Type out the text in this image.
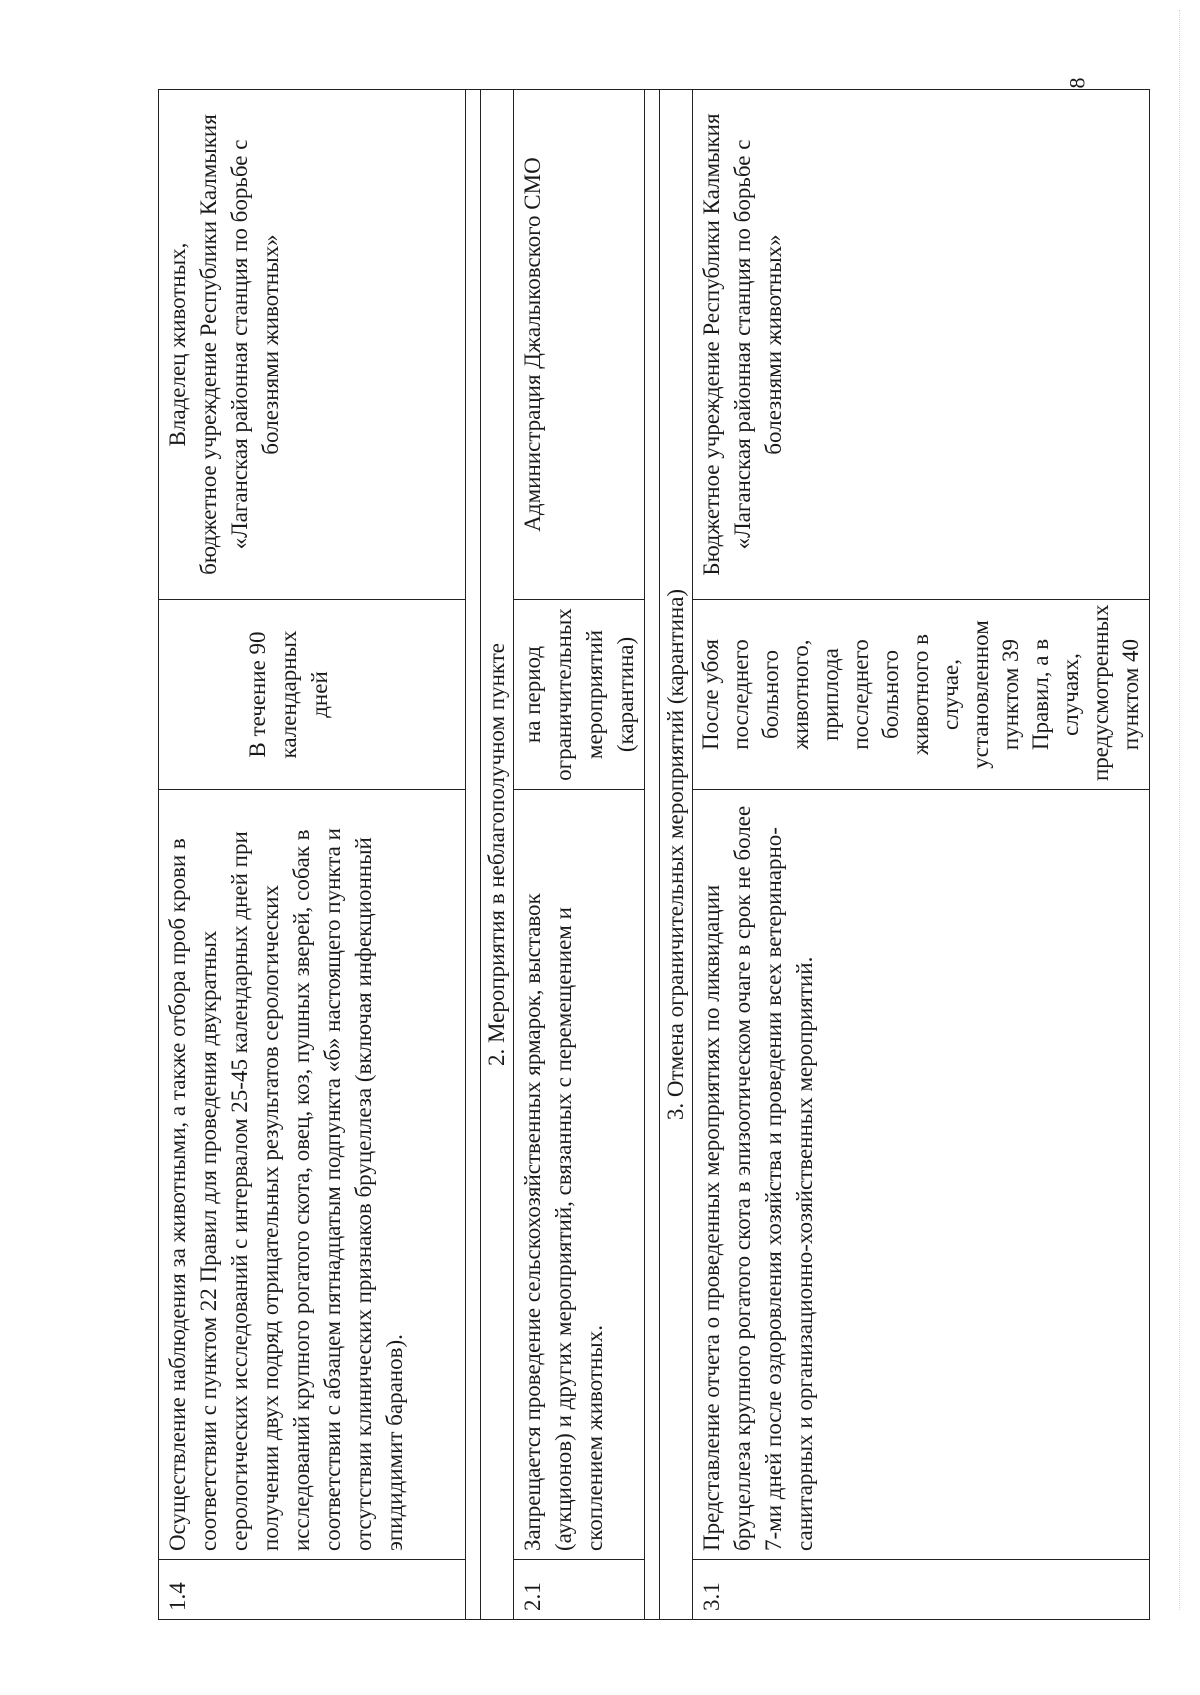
8
1.4	Осуществление наблюдения за животными, а также отбора проб крови в соответствии с пунктом 22 Правил для проведения двукратных серологических исследований с интервалом 25-45 календарных дней при получении двух подряд отрицательных результатов серологических исследований крупного рогатого скота, овец, коз, пушных зверей, собак в соответствии с абзацем пятнадцатым подпункта «б» настоящего пункта и отсутствии клинических признаков бруцеллеза (включая инфекционный эпидидимит баранов).	В течение 90 календарных дней	Владелец животных, бюджетное учреждение Республики Калмыкия «Лаганская районная станция по борьбе с болезнями животных»

2. Мероприятия в неблагополучном пункте			
2.1	Запрещается проведение сельскохозяйственных ярмарок, выставок (аукционов) и других мероприятий, связанных с перемещением и скоплением животных.	на период ограничительных мероприятий (карантина)	Администрация Джалыковского СМО

3. Отмена ограничительных мероприятий (карантина)			
3.1	Представление отчета о проведенных мероприятиях по ликвидации бруцеллеза крупного рогатого скота в эпизоотическом очаге в срок не более 7-ми дней после оздоровления хозяйства и проведении всех ветеринарно-санитарных и организационно-хозяйственных мероприятий.	После убоя последнего больного животного, приплода последнего больного животного в случае, установленном пунктом 39 Правил, а в случаях, предусмотренных пунктом 40	Бюджетное учреждение Республики Калмыкия «Лаганская районная станция по борьбе с болезнями животных»
